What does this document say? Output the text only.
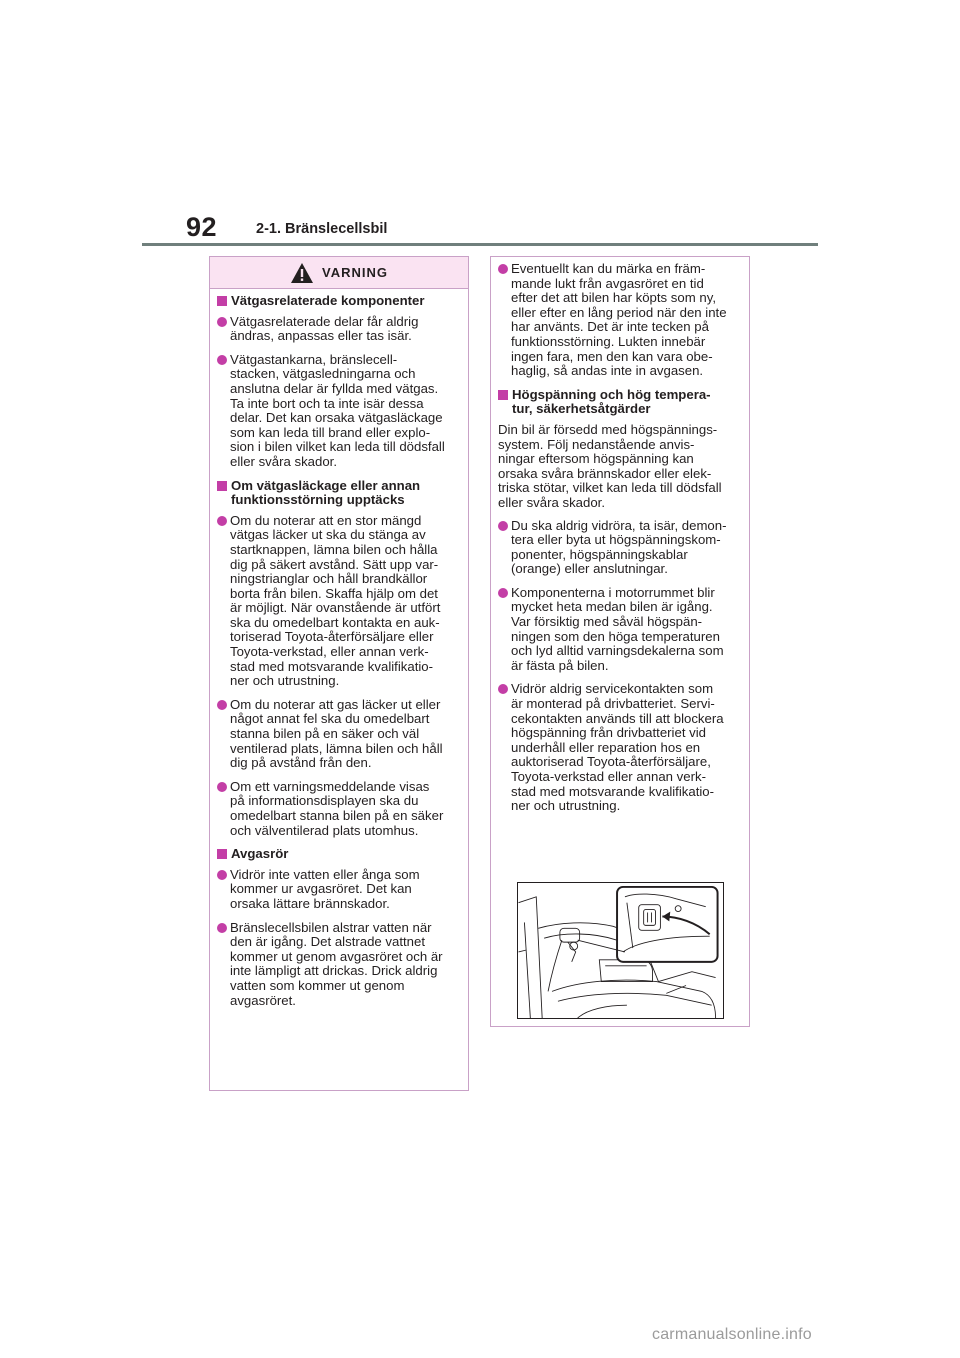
92	2-1. Bränslecellsbil
VARNING
Vätgasrelaterade komponenter
Vätgasrelaterade delar får aldrig
ändras, anpassas eller tas isär.
Vätgastankarna, bränslecell-
stacken, vätgasledningarna och
anslutna delar är fyllda med vätgas.
Ta inte bort och ta inte isär dessa
delar. Det kan orsaka vätgasläckage
som kan leda till brand eller explo-
sion i bilen vilket kan leda till dödsfall
eller svåra skador.
Om vätgasläckage eller annan
funktionsstörning upptäcks
Om du noterar att en stor mängd
vätgas läcker ut ska du stänga av
startknappen, lämna bilen och hålla
dig på säkert avstånd. Sätt upp var-
ningstrianglar och håll brandkällor
borta från bilen. Skaffa hjälp om det
är möjligt. När ovanstående är utfört
ska du omedelbart kontakta en auk-
toriserad Toyota-återförsäljare eller
Toyota-verkstad, eller annan verk-
stad med motsvarande kvalifikatio-
ner och utrustning.
Om du noterar att gas läcker ut eller
något annat fel ska du omedelbart
stanna bilen på en säker och väl
ventilerad plats, lämna bilen och håll
dig på avstånd från den.
Om ett varningsmeddelande visas
på informationsdisplayen ska du
omedelbart stanna bilen på en säker
och välventilerad plats utomhus.
Avgasrör
Vidrör inte vatten eller ånga som
kommer ur avgasröret. Det kan
orsaka lättare brännskador.
Bränslecellsbilen alstrar vatten när
den är igång. Det alstrade vattnet
kommer ut genom avgasröret och är
inte lämpligt att drickas. Drick aldrig
vatten som kommer ut genom
avgasröret.
Eventuellt kan du märka en främ-
mande lukt från avgasröret en tid
efter det att bilen har köpts som ny,
eller efter en lång period när den inte
har använts. Det är inte tecken på
funktionsstörning. Lukten innebär
ingen fara, men den kan vara obe-
haglig, så andas inte in avgasen.
Högspänning och hög tempera-
tur, säkerhetsåtgärder
Din bil är försedd med högspännings-
system. Följ nedanstående anvis-
ningar eftersom högspänning kan
orsaka svåra brännskador eller elek-
triska stötar, vilket kan leda till dödsfall
eller svåra skador.
Du ska aldrig vidröra, ta isär, demon-
tera eller byta ut högspänningskom-
ponenter, högspänningskablar
(orange) eller anslutningar.
Komponenterna i motorrummet blir
mycket heta medan bilen är igång.
Var försiktig med såväl högspän-
ningen som den höga temperaturen
och lyd alltid varningsdekalerna som
är fästa på bilen.
Vidrör aldrig servicekontakten som
är monterad på drivbatteriet. Servi-
cekontakten används till att blockera
högspänning från drivbatteriet vid
underhåll eller reparation hos en
auktoriserad Toyota-återförsäljare,
Toyota-verkstad eller annan verk-
stad med motsvarande kvalifikatio-
ner och utrustning.
carmanualsonline.info
